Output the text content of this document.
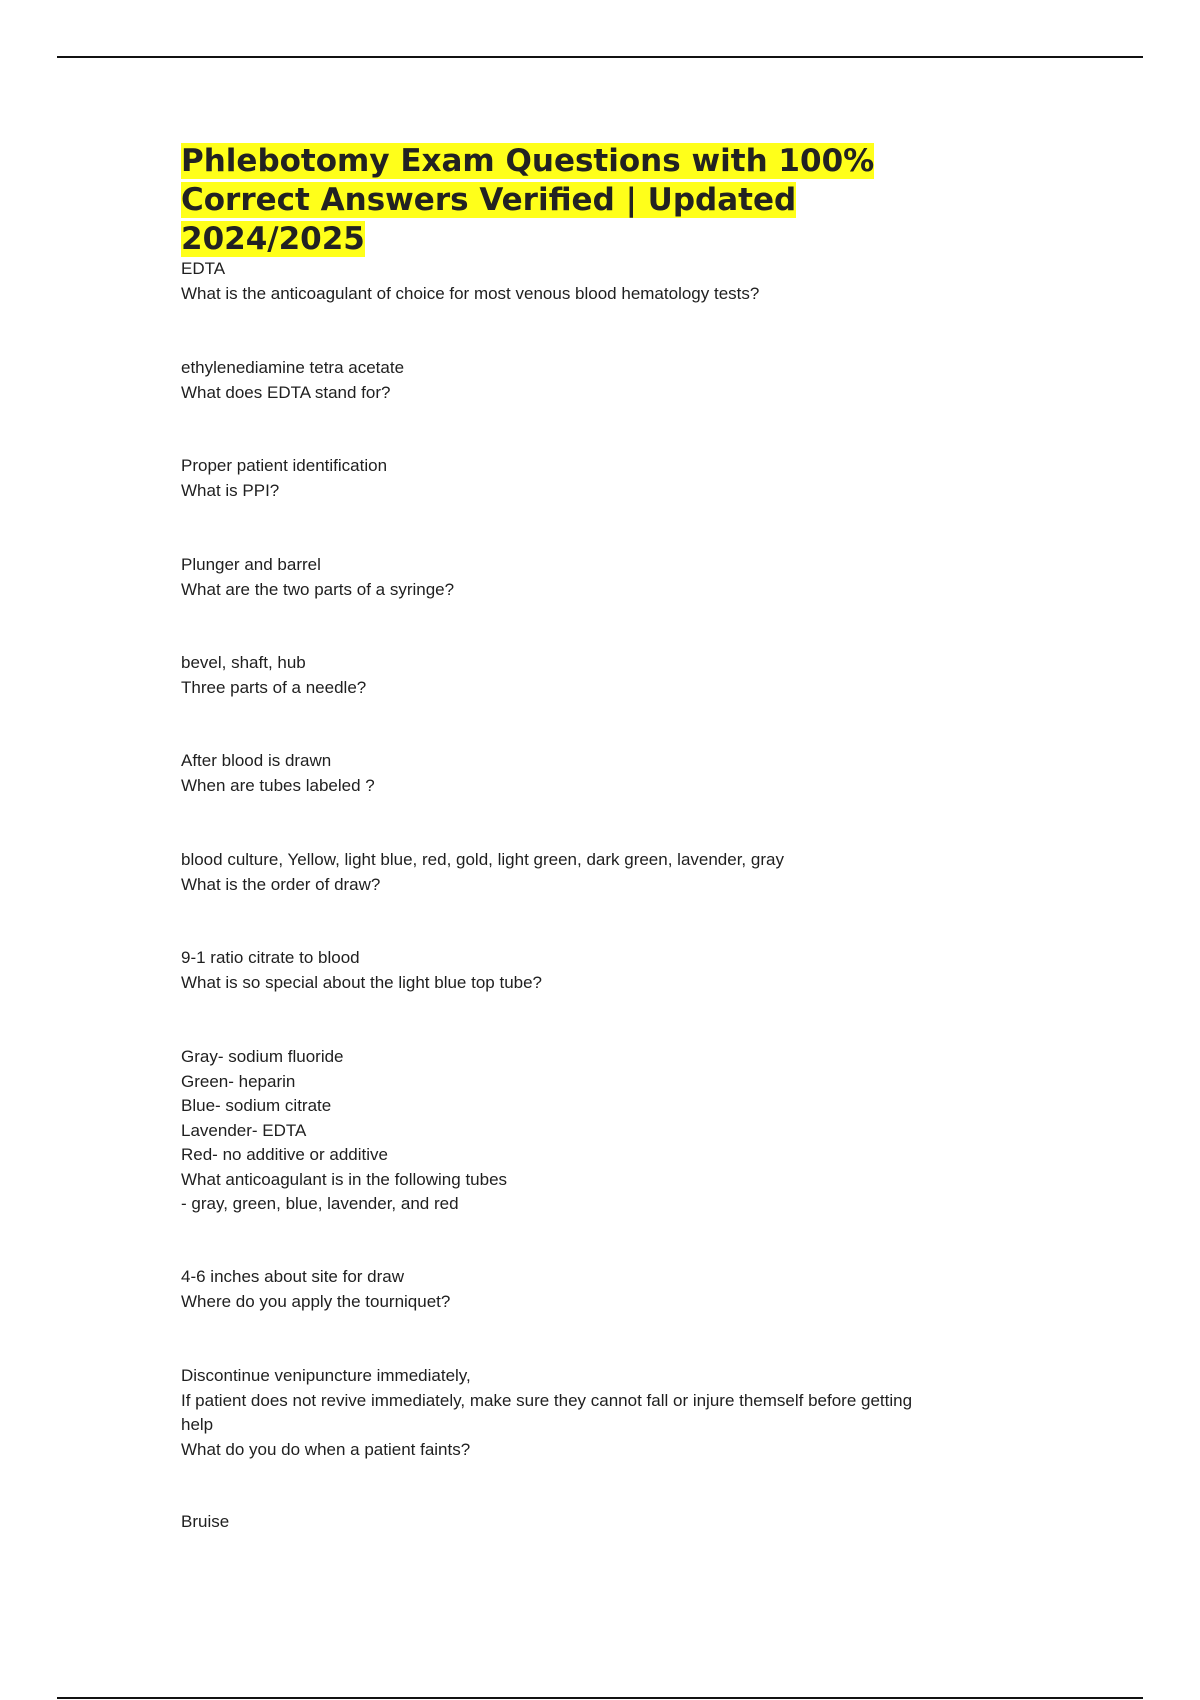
Phlebotomy Exam Questions with 100% Correct Answers Verified | Updated 2024/2025
EDTA
What is the anticoagulant of choice for most venous blood hematology tests?
ethylenediamine tetra acetate
What does EDTA stand for?
Proper patient identification
What is PPI?
Plunger and barrel
What are the two parts of a syringe?
bevel, shaft, hub
Three parts of a needle?
After blood is drawn
When are tubes labeled ?
blood culture, Yellow, light blue, red, gold, light green, dark green, lavender, gray
What is the order of draw?
9-1 ratio citrate to blood
What is so special about the light blue top tube?
Gray- sodium fluoride
Green- heparin
Blue- sodium citrate
Lavender- EDTA
Red- no additive or additive
What anticoagulant is in the following tubes
- gray, green, blue, lavender, and red
4-6 inches about site for draw
Where do you apply the tourniquet?
Discontinue venipuncture immediately,
If patient does not revive immediately, make sure they cannot fall or injure themself before getting
help
What do you do when a patient faints?
Bruise
